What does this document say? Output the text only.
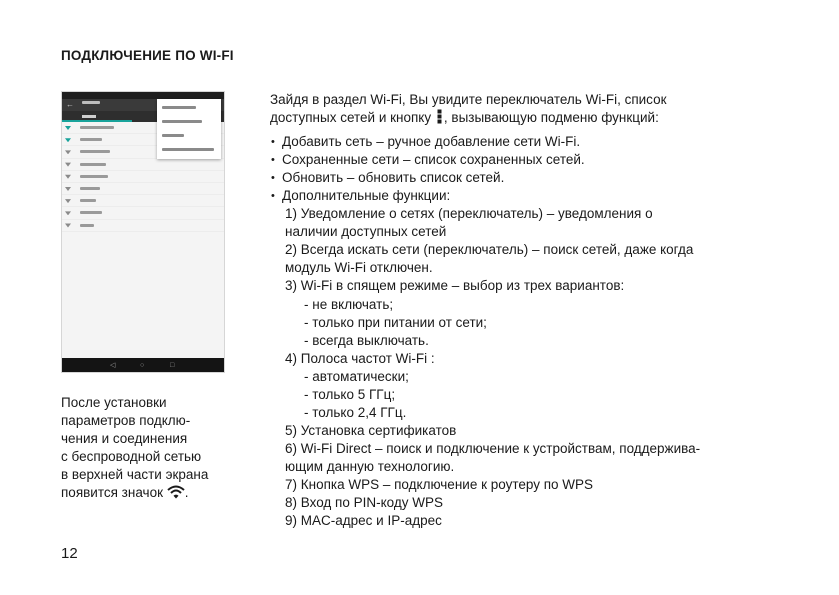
ПОДКЛЮЧЕНИЕ ПО WI-FI
←
◁	○	□
После установки
параметров подклю-
чения и соединения
с беспроводной сетью
в верхней части экрана
появится значок .
12

Зайдя в раздел Wi-Fi, Вы увидите переключатель Wi-Fi, список

доступных сетей и кнопку , вызывающую подменю функций:

• Добавить сеть – ручное добавление сети Wi-Fi.

• Сохраненные сети – список сохраненных сетей.

• Обновить – обновить список сетей.

• Дополнительные функции:

1) Уведомление о сетях (переключатель) – уведомления о

наличии доступных сетей

2) Всегда искать сети (переключатель) – поиск сетей, даже когда

модуль Wi-Fi отключен.

3) Wi-Fi в спящем режиме – выбор из трех вариантов:

- не включать;

- только при питании от сети;

- всегда выключать.

4) Полоса частот Wi-Fi :

- автоматически;

- только 5 ГГц;

- только 2,4 ГГц.

5) Установка сертификатов

6) Wi-Fi Direct – поиск и подключение к устройствам, поддержива-

ющим данную технологию.

7) Кнопка WPS – подключение к роутеру по WPS

8) Вход по PIN-коду WPS

9) MAC-адрес и IP-адрес
